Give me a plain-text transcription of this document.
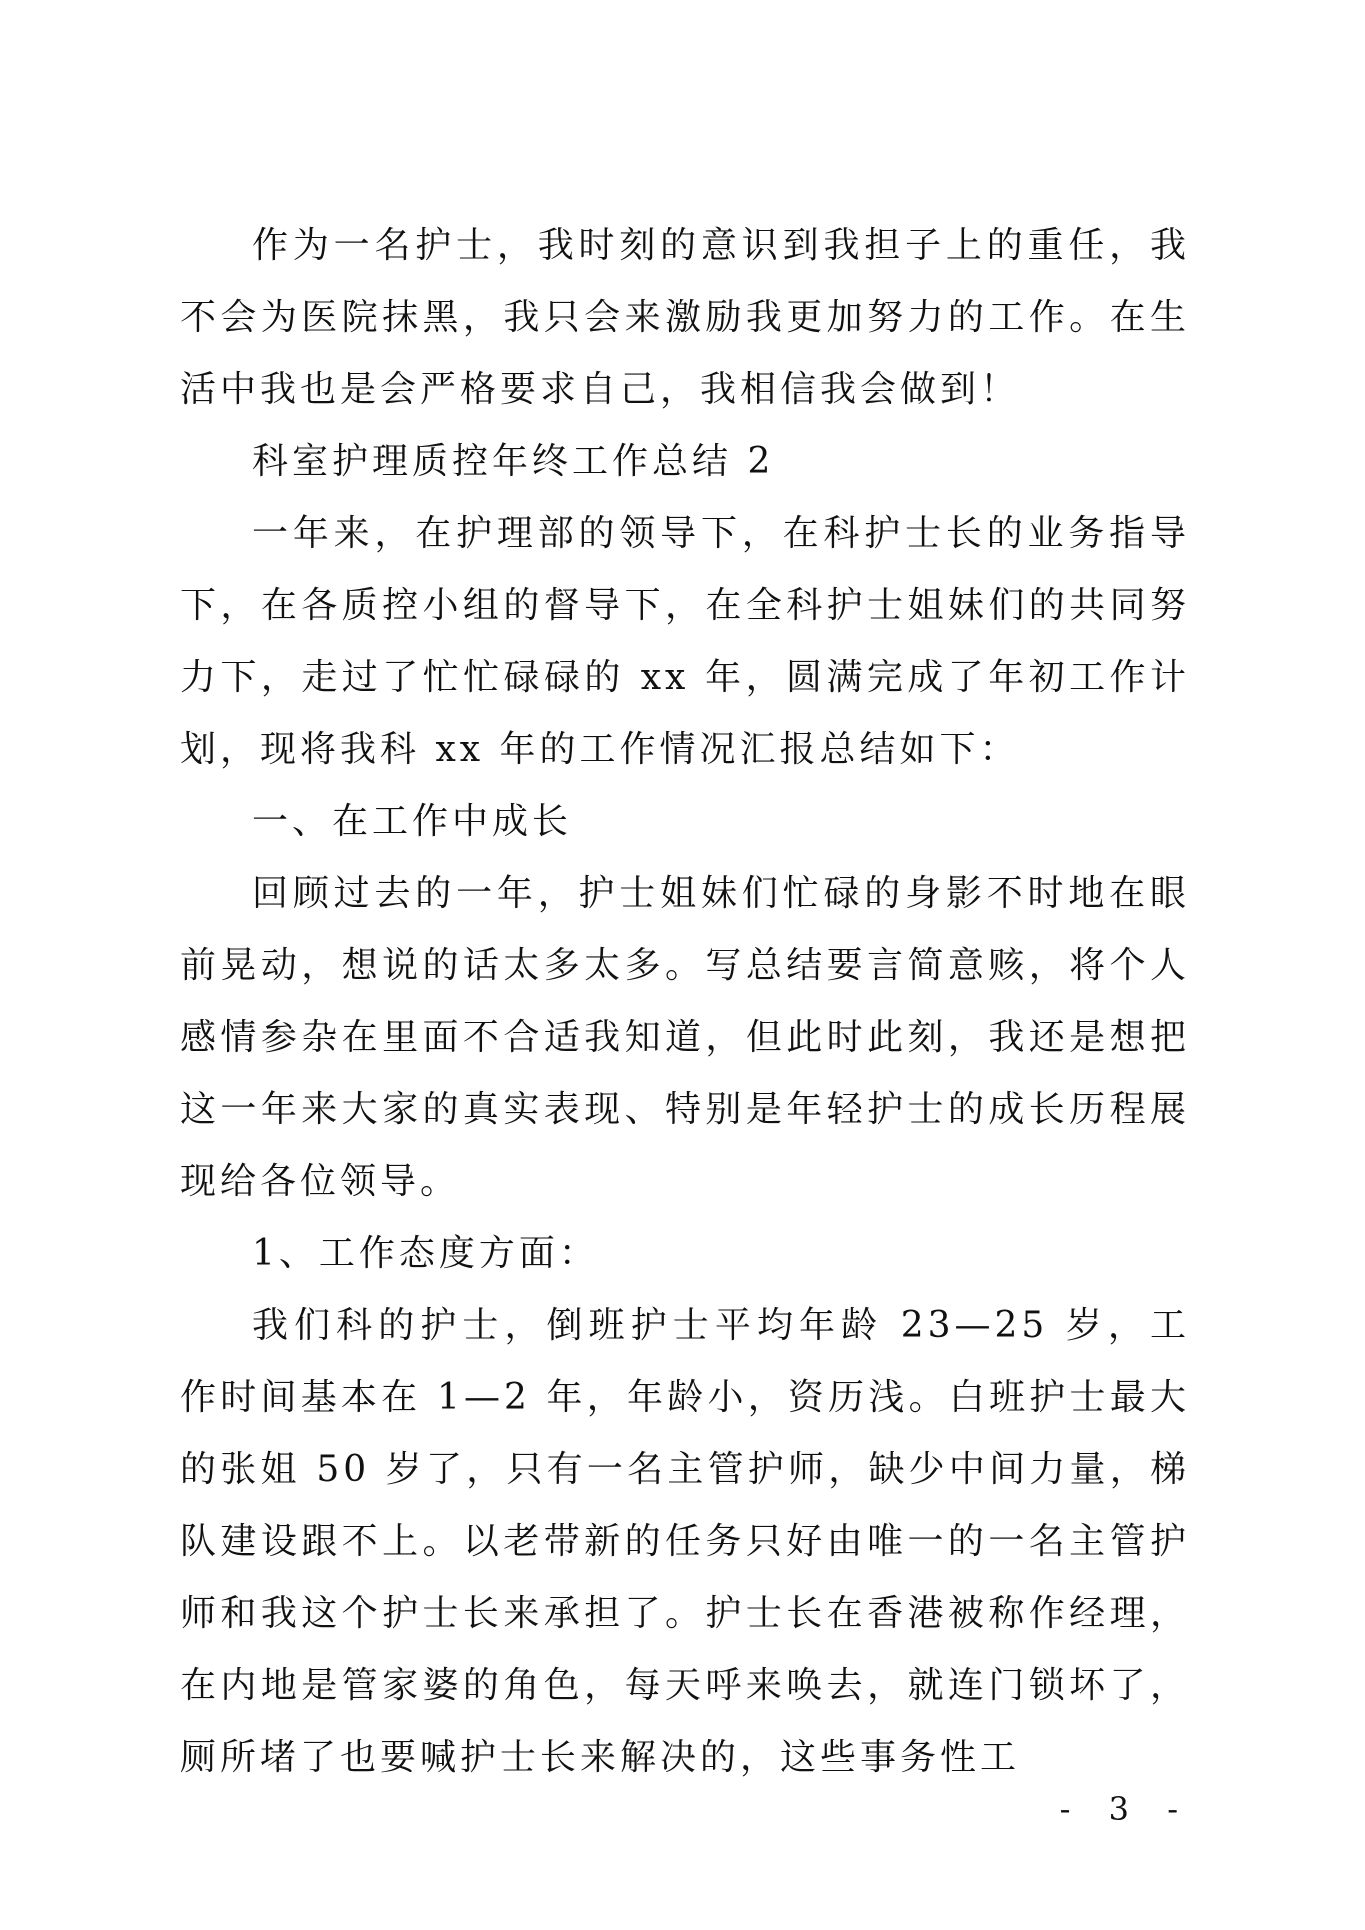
作为一名护士，我时刻的意识到我担子上的重任，我不会为医院抹黑，我只会来激励我更加努力的工作。在生活中我也是会严格要求自己，我相信我会做到！

科室护理质控年终工作总结 2

一年来，在护理部的领导下，在科护士长的业务指导下，在各质控小组的督导下，在全科护士姐妹们的共同努力下，走过了忙忙碌碌的 xx 年，圆满完成了年初工作计划，现将我科 xx 年的工作情况汇报总结如下：

一、在工作中成长

回顾过去的一年，护士姐妹们忙碌的身影不时地在眼前晃动，想说的话太多太多。写总结要言简意赅，将个人感情参杂在里面不合适我知道，但此时此刻，我还是想把这一年来大家的真实表现、特别是年轻护士的成长历程展现给各位领导。

1、工作态度方面：

我们科的护士，倒班护士平均年龄 23—25 岁，工作时间基本在 1—2 年，年龄小，资历浅。白班护士最大的张姐 50 岁了，只有一名主管护师，缺少中间力量，梯队建设跟不上。以老带新的任务只好由唯一的一名主管护师和我这个护士长来承担了。护士长在香港被称作经理，在内地是管家婆的角色，每天呼来唤去，就连门锁坏了，厕所堵了也要喊护士长来解决的，这些事务性工

- 3 -
